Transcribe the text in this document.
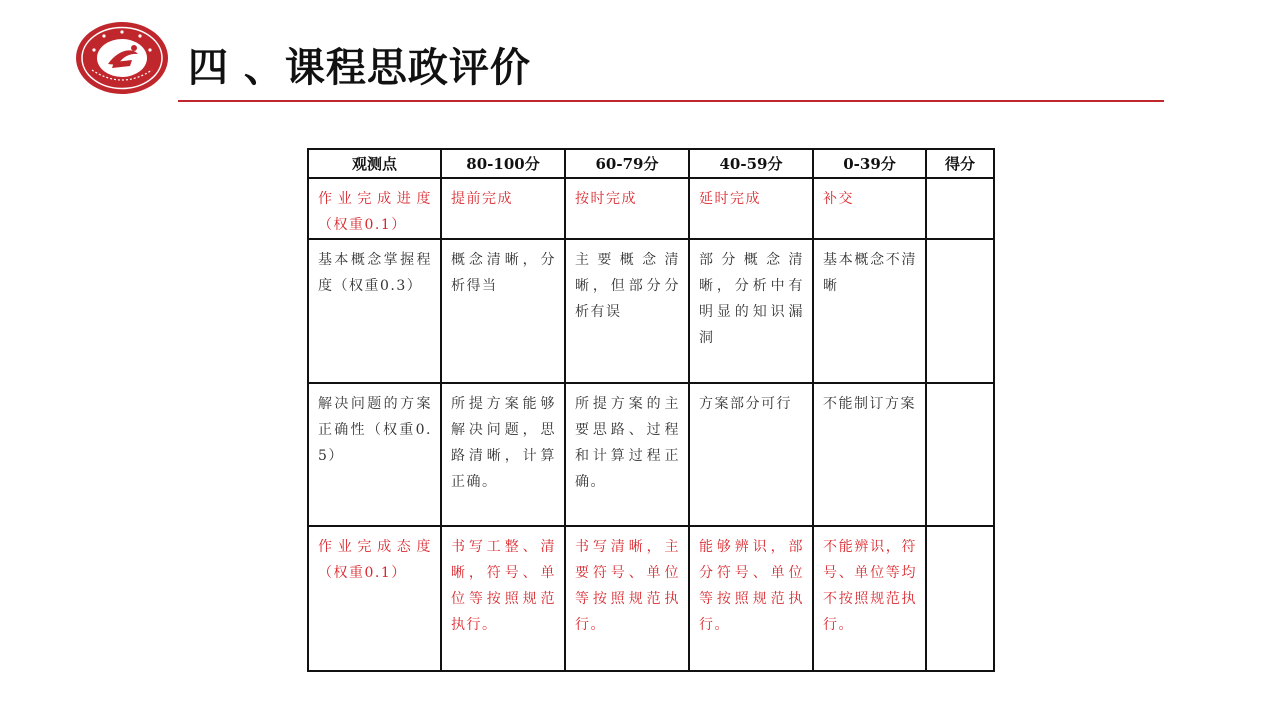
四 、课程思政评价
观测点	80-100分	60-79分	40-59分	0-39分	得分

作业完成进度（权重0.1）	提前完成	按时完成	延时完成	补交	

基本概念掌握程度（权重0.3）	概念清晰，分析得当	主要概念清晰，但部分分析有误	部分概念清晰，分析中有明显的知识漏洞	基本概念不清晰	

解决问题的方案正确性（权重0.5）	所提方案能够解决问题，思路清晰，计算正确。	所提方案的主要思路、过程和计算过程正确。	方案部分可行	不能制订方案	

作业完成态度（权重0.1）	书写工整、清晰，符号、单位等按照规范执行。	书写清晰，主要符号、单位等按照规范执行。	能够辨识，部分符号、单位等按照规范执行。	不能辨识，符号、单位等均不按照规范执行。	
